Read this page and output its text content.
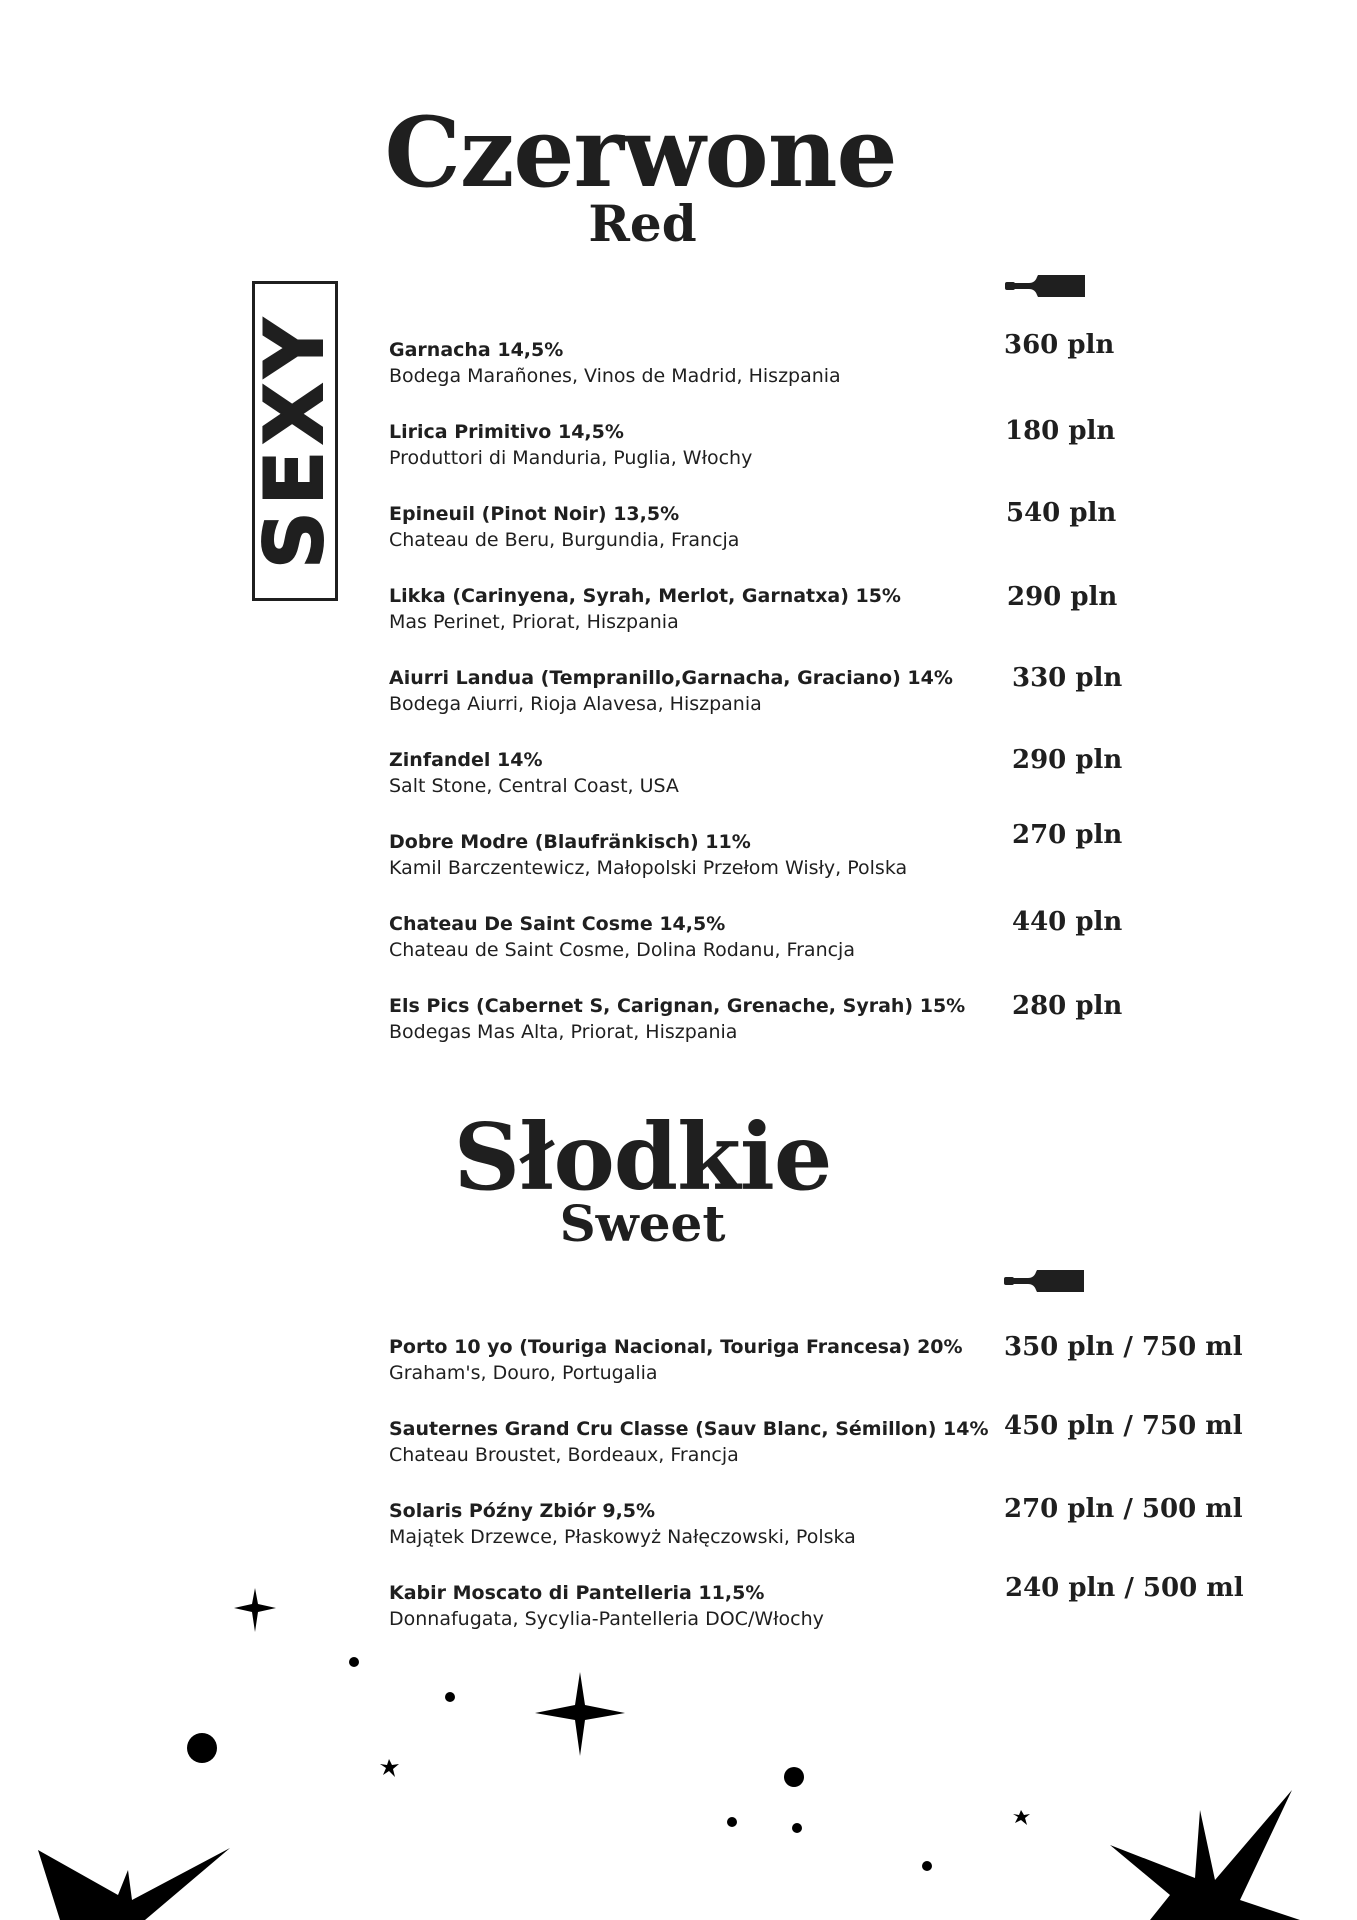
Czerwone
Red
SEXY	Garnacha 14,5%
Bodega Marañones, Vinos de Madrid, Hiszpania
360 pln
Lirica Primitivo 14,5%
Produttori di Manduria, Puglia, Włochy
180 pln
Epineuil (Pinot Noir) 13,5%
Chateau de Beru, Burgundia, Francja
540 pln
Likka (Carinyena, Syrah, Merlot, Garnatxa) 15%
Mas Perinet, Priorat, Hiszpania
290 pln
Aiurri Landua (Tempranillo,Garnacha, Graciano) 14%
Bodega Aiurri, Rioja Alavesa, Hiszpania
330 pln
Zinfandel 14%
Salt Stone, Central Coast, USA
290 pln
Dobre Modre (Blaufränkisch) 11%
Kamil Barczentewicz, Małopolski Przełom Wisły, Polska
270 pln
Chateau De Saint Cosme 14,5%
Chateau de Saint Cosme, Dolina Rodanu, Francja
440 pln
Els Pics (Cabernet S, Carignan, Grenache, Syrah) 15%
Bodegas Mas Alta, Priorat, Hiszpania
280 pln
Słodkie
Sweet
Porto 10 yo (Touriga Nacional, Touriga Francesa) 20%
Graham's, Douro, Portugalia
350 pln / 750 ml
Sauternes Grand Cru Classe (Sauv Blanc, Sémillon) 14%
Chateau Broustet, Bordeaux, Francja
450 pln / 750 ml
Solaris Późny Zbiór 9,5%
Majątek Drzewce, Płaskowyż Nałęczowski, Polska
270 pln / 500 ml
Kabir Moscato di Pantelleria 11,5%
Donnafugata, Sycylia-Pantelleria DOC/Włochy
240 pln / 500 ml
